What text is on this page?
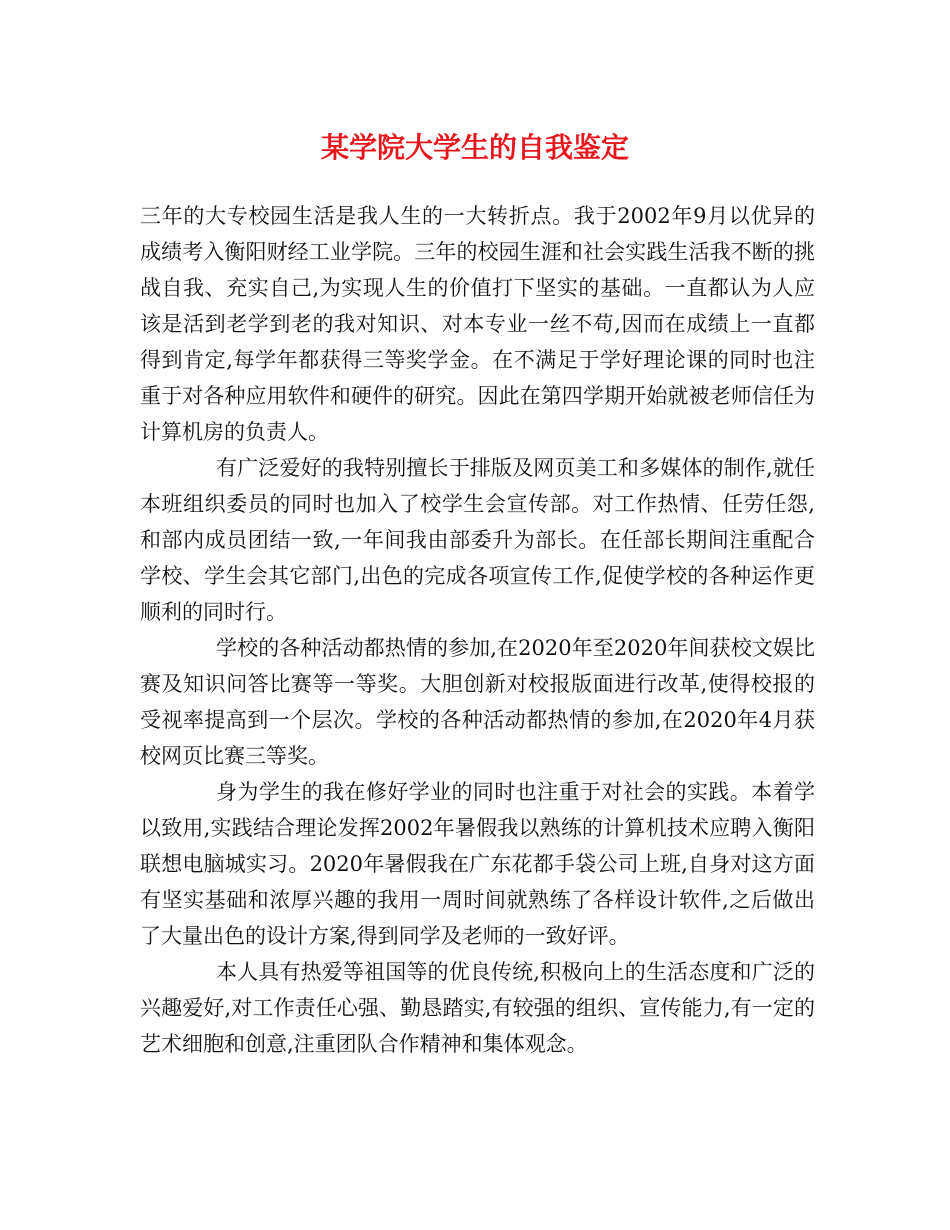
某学院大学生的自我鉴定

三年的大专校园生活是我人生的一大转折点。我于2002年9月以优异的成绩考入衡阳财经工业学院。三年的校园生涯和社会实践生活我不断的挑战自我、充实自己,为实现人生的价值打下坚实的基础。一直都认为人应该是活到老学到老的我对知识、对本专业一丝不苟,因而在成绩上一直都得到肯定,每学年都获得三等奖学金。在不满足于学好理论课的同时也注重于对各种应用软件和硬件的研究。因此在第四学期开始就被老师信任为计算机房的负责人。

有广泛爱好的我特别擅长于排版及网页美工和多媒体的制作,就任本班组织委员的同时也加入了校学生会宣传部。对工作热情、任劳任怨,和部内成员团结一致,一年间我由部委升为部长。在任部长期间注重配合学校、学生会其它部门,出色的完成各项宣传工作,促使学校的各种运作更顺利的同时行。

学校的各种活动都热情的参加,在2020年至2020年间获校文娱比赛及知识问答比赛等一等奖。大胆创新对校报版面进行改革,使得校报的受视率提高到一个层次。学校的各种活动都热情的参加,在2020年4月获校网页比赛三等奖。

身为学生的我在修好学业的同时也注重于对社会的实践。本着学以致用,实践结合理论发挥2002年暑假我以熟练的计算机技术应聘入衡阳联想电脑城实习。2020年暑假我在广东花都手袋公司上班,自身对这方面有坚实基础和浓厚兴趣的我用一周时间就熟练了各样设计软件,之后做出了大量出色的设计方案,得到同学及老师的一致好评。

本人具有热爱等祖国等的优良传统,积极向上的生活态度和广泛的兴趣爱好,对工作责任心强、勤恳踏实,有较强的组织、宣传能力,有一定的艺术细胞和创意,注重团队合作精神和集体观念。
